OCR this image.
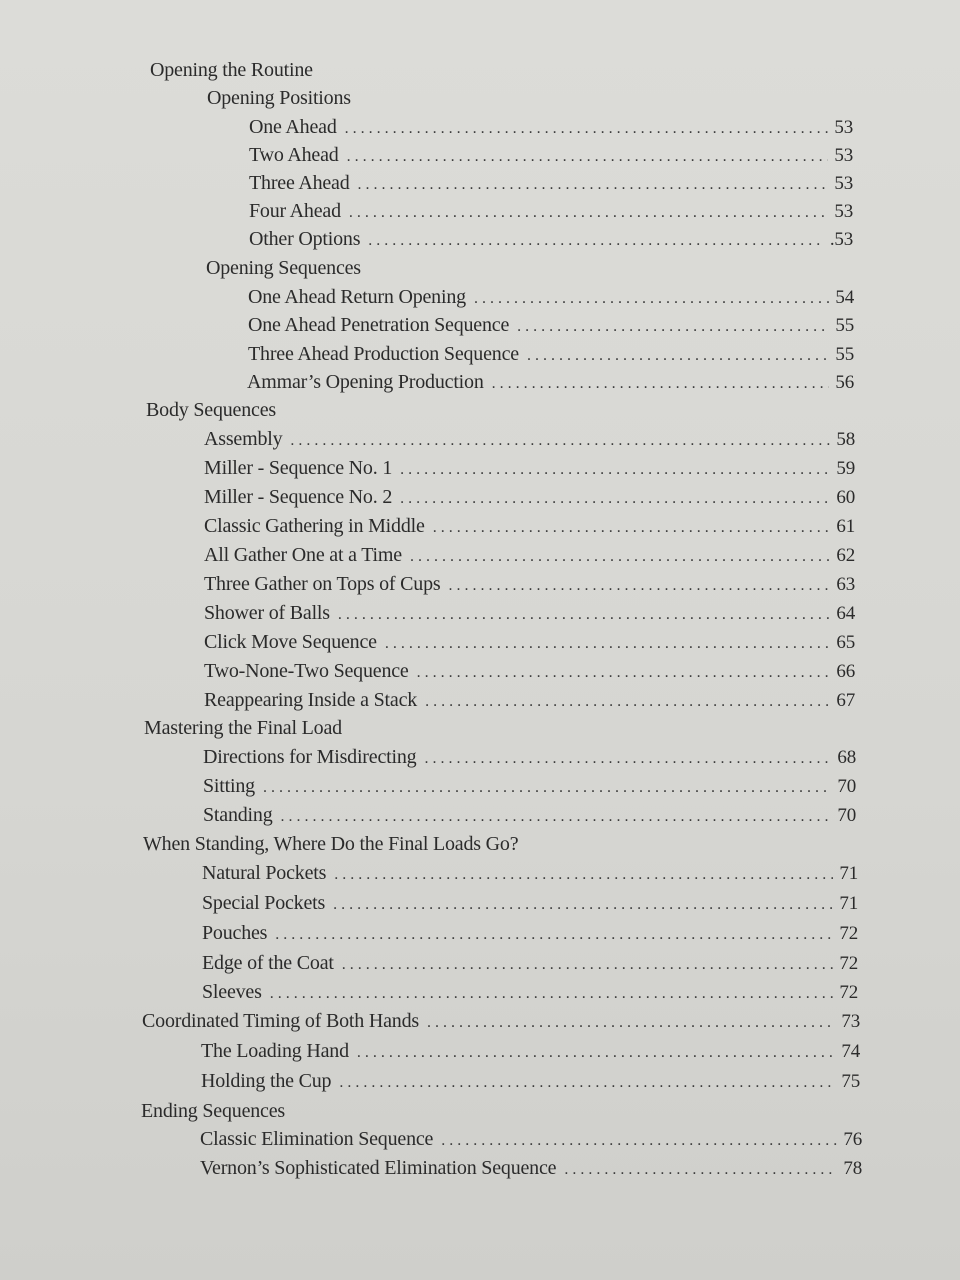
Opening the Routine
Opening Positions
One Ahead . . .	53
Two Ahead . . .	53
Three Ahead . . .	53
Four Ahead . . .	53
Other Options . . .	.53
Opening Sequences
One Ahead Return Opening . . .	54
One Ahead Penetration Sequence . . .	55
Three Ahead Production Sequence . . .	55
Ammar’s Opening Production . . .	56
Body Sequences
Assembly . . .	58
Miller - Sequence No. 1 . . .	59
Miller - Sequence No. 2 . . .	60
Classic Gathering in Middle . . .	61
All Gather One at a Time . . .	62
Three Gather on Tops of Cups . . .	63
Shower of Balls . . .	64
Click Move Sequence . . .	65
Two-None-Two Sequence . . .	66
Reappearing Inside a Stack . . .	67
Mastering the Final Load
Directions for Misdirecting . . .	68
Sitting . . .	70
Standing . . .	70
When Standing, Where Do the Final Loads Go?
Natural Pockets . . .	71
Special Pockets . . .	71
Pouches . . .	72
Edge of the Coat . . .	72
Sleeves . . .	72
Coordinated Timing of Both Hands . . .	73
The Loading Hand . . .	74
Holding the Cup . . .	75
Ending Sequences
Classic Elimination Sequence . . .	76
Vernon’s Sophisticated Elimination Sequence . . .	78
